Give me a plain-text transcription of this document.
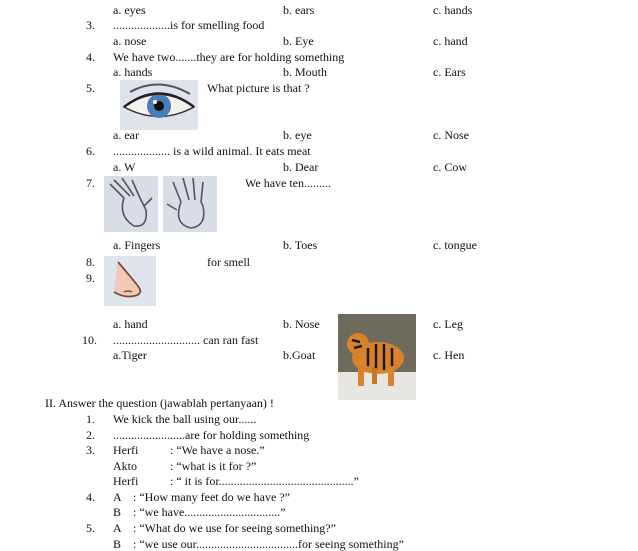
a. eyes	b. ears	c. hands
3. ...................is for smelling food
a. nose	b. Eye	c. hand
4. We have two.......they are for holding something
a. hands	b. Mouth	c. Ears
5.	What picture is that ?
a. ear	b. eye	c. Nose
6. ................... is a wild animal. It eats meat
a. W	b. Dear	c. Cow
7.	We have ten.........
a. Fingers	b. Toes	c. tongue
8.	for smell
9.
a. hand	b. Nose	c. Leg
10. ............................. can ran fast
a.Tiger	b.Goat	c. Hen
II. Answer the question (jawablah pertanyaan) !
1. We kick the ball using our......
2. ........................are for holding something
3. Herfi	: “We have a nose.”
Akto	: “what is it for ?”
Herfi	: “ it is for.............................................”
4. A : “How many feet do we have ?”
B : “we have................................”
5. A : “What do we use for seeing something?”
B : “we use our..................................for seeing something”
